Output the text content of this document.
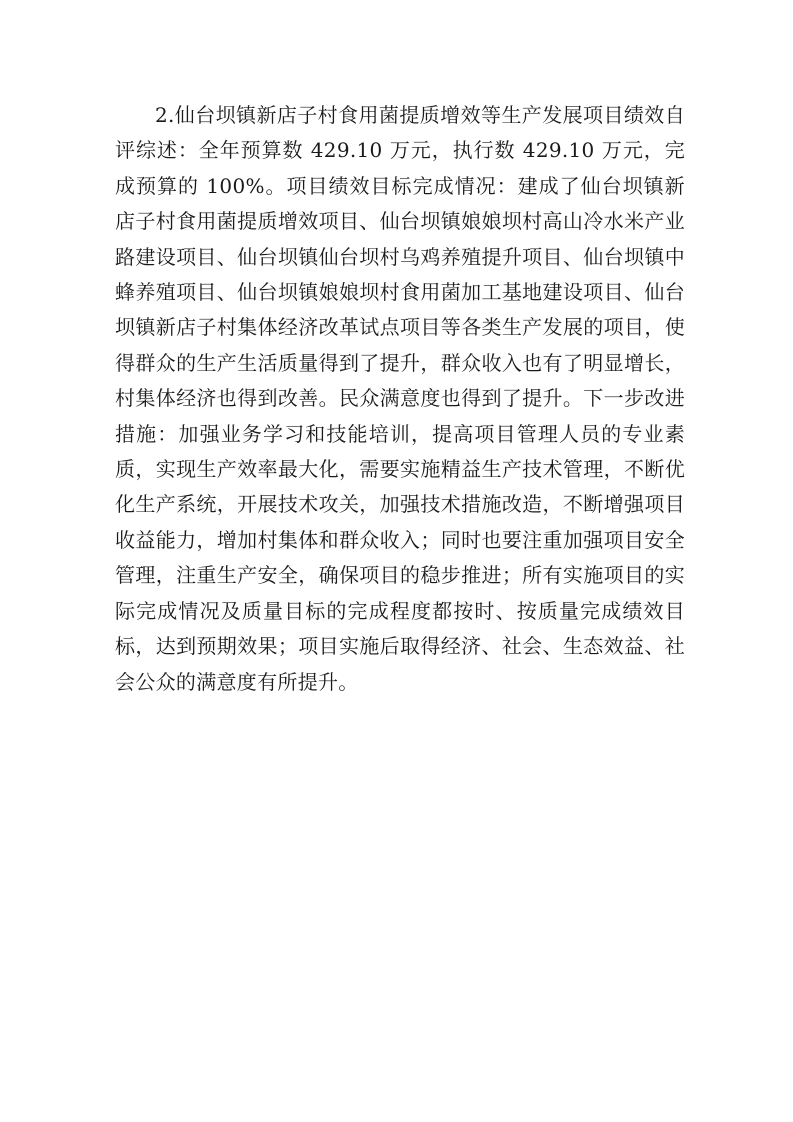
2.仙台坝镇新店子村食用菌提质增效等生产发展项目绩效自评综述：全年预算数 429.10 万元，执行数 429.10 万元，完成预算的 100%。项目绩效目标完成情况：建成了仙台坝镇新店子村食用菌提质增效项目、仙台坝镇娘娘坝村高山冷水米产业路建设项目、仙台坝镇仙台坝村乌鸡养殖提升项目、仙台坝镇中蜂养殖项目、仙台坝镇娘娘坝村食用菌加工基地建设项目、仙台坝镇新店子村集体经济改革试点项目等各类生产发展的项目，使得群众的生产生活质量得到了提升，群众收入也有了明显增长，村集体经济也得到改善。民众满意度也得到了提升。下一步改进措施：加强业务学习和技能培训，提高项目管理人员的专业素质，实现生产效率最大化，需要实施精益生产技术管理，不断优化生产系统，开展技术攻关，加强技术措施改造，不断增强项目收益能力，增加村集体和群众收入；同时也要注重加强项目安全管理，注重生产安全，确保项目的稳步推进；所有实施项目的实际完成情况及质量目标的完成程度都按时、按质量完成绩效目标，达到预期效果；项目实施后取得经济、社会、生态效益、社会公众的满意度有所提升。
